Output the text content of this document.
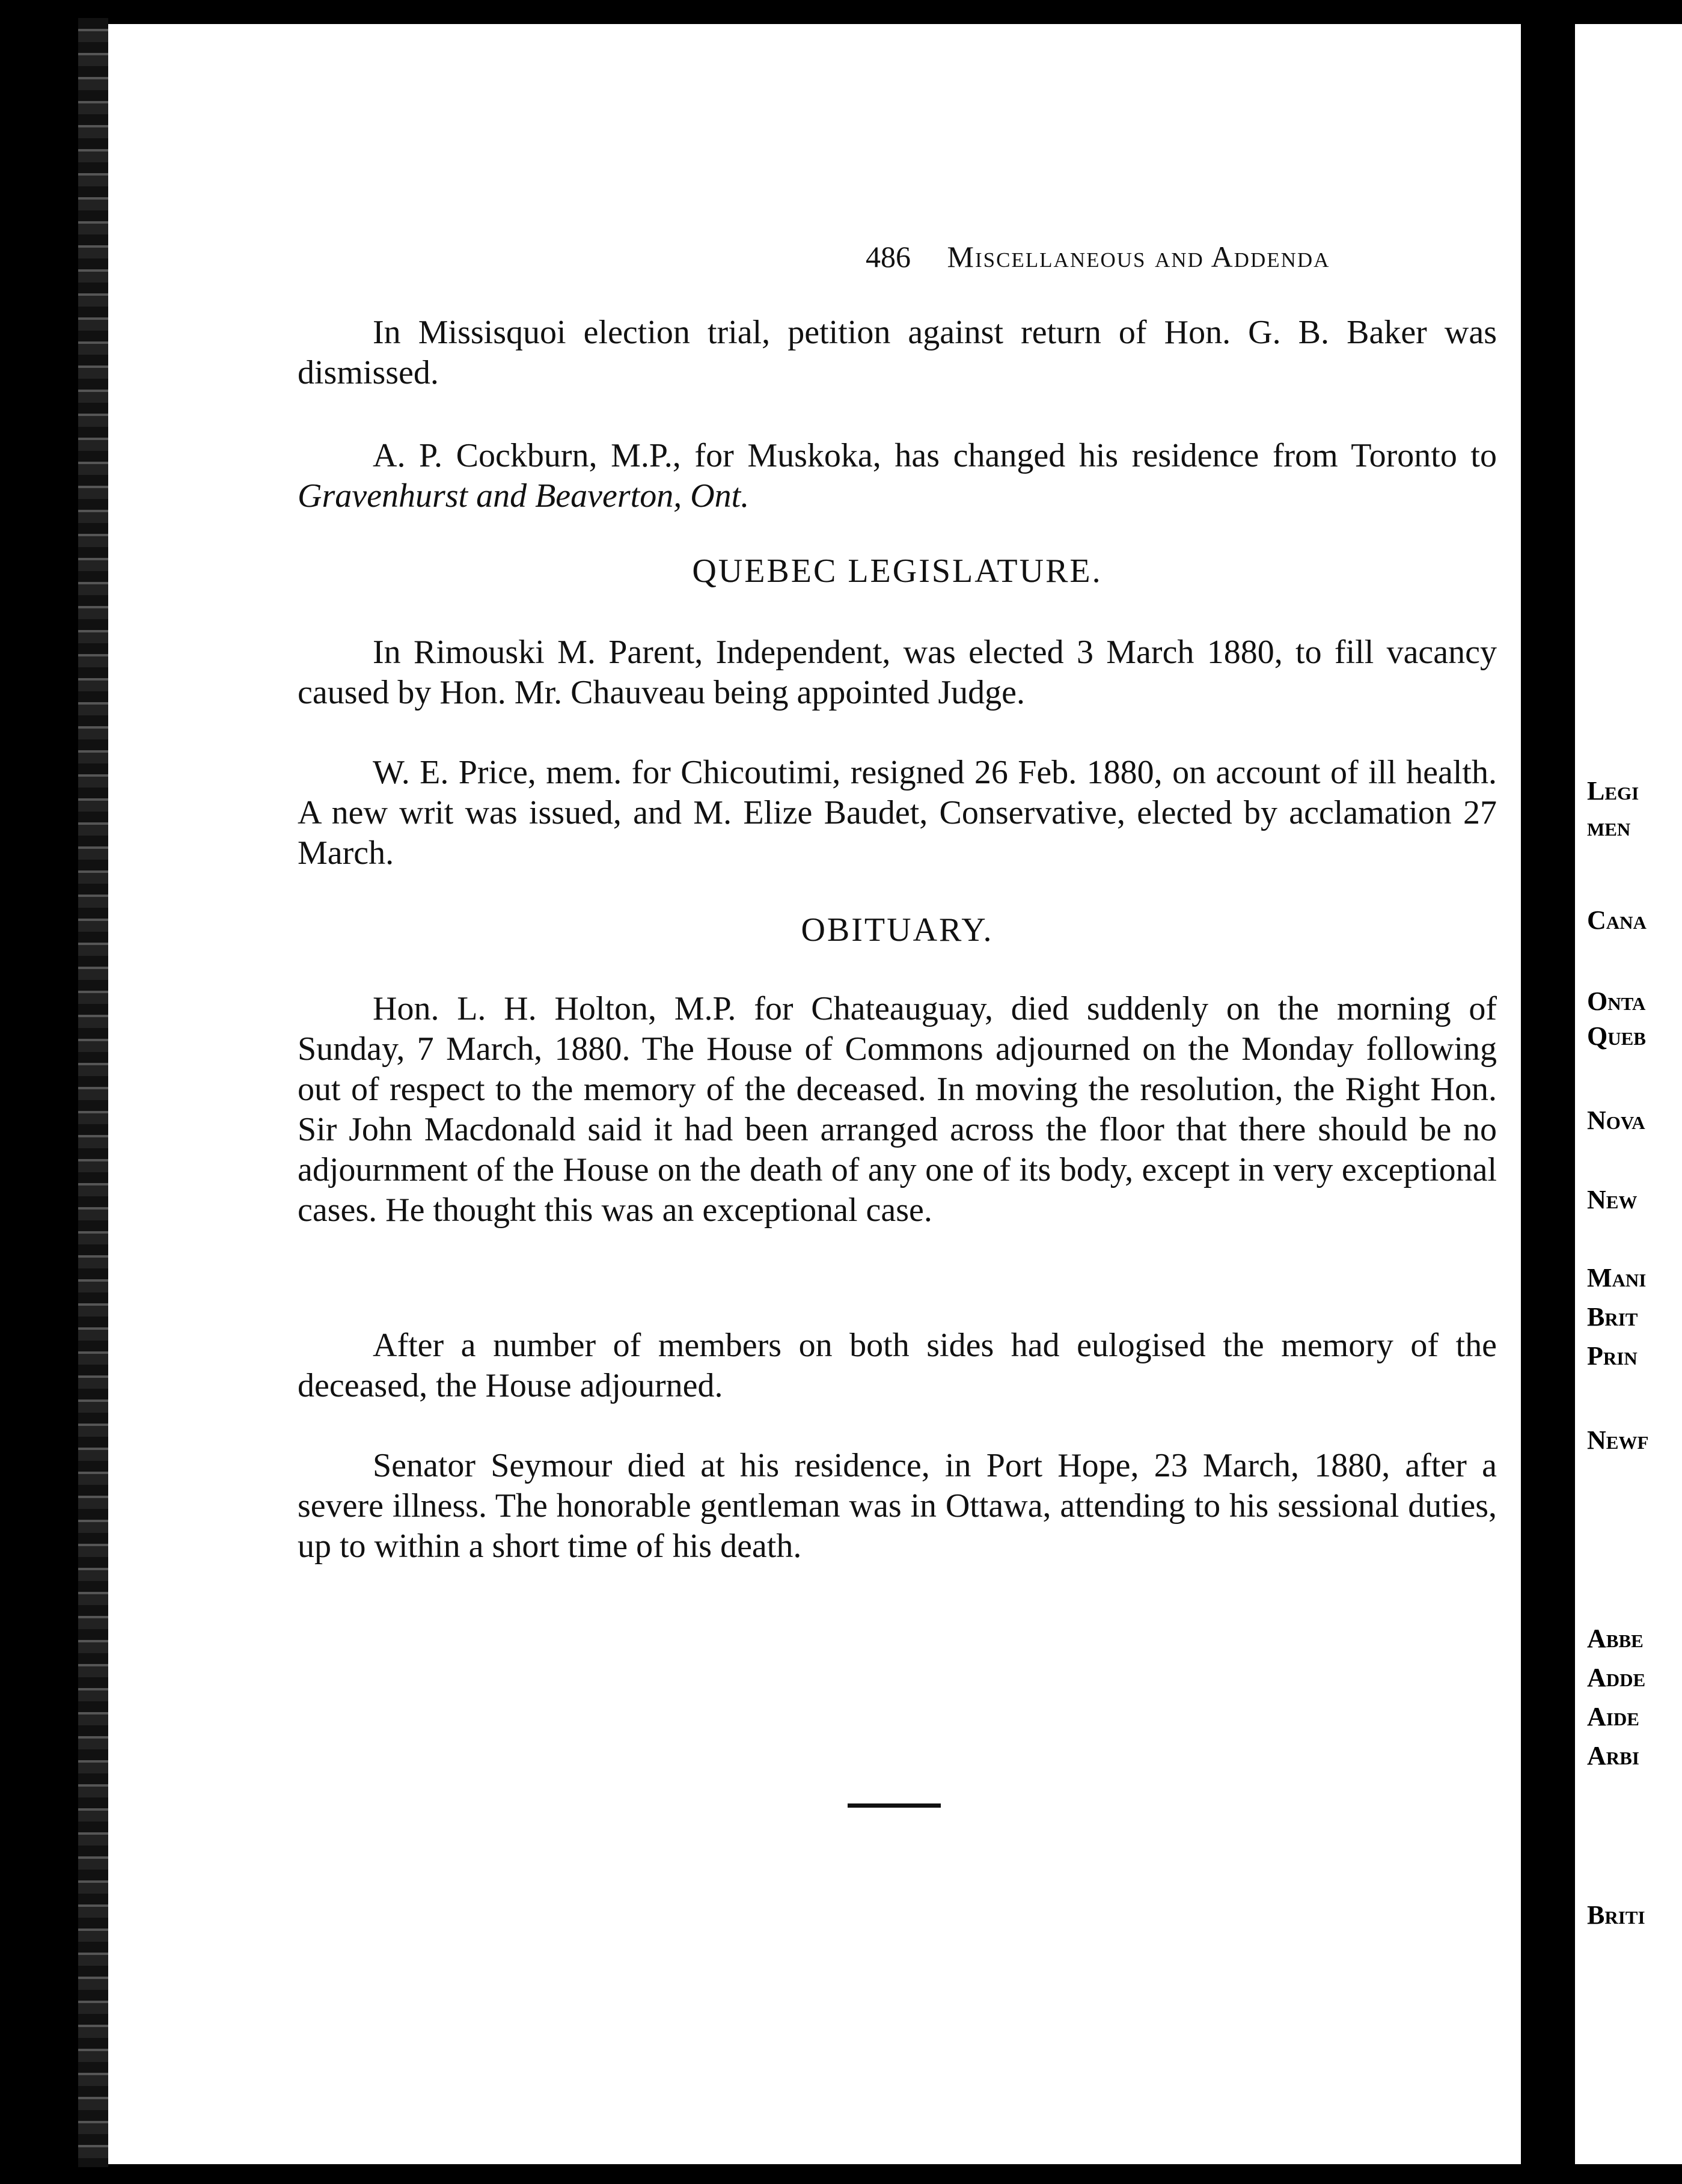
486 Miscellaneous and Addenda

In Missisquoi election trial, petition against return of Hon. G. B. Baker was dismissed.

A. P. Cockburn, M.P., for Muskoka, has changed his residence from Toronto to Gravenhurst and Beaverton, Ont.

QUEBEC LEGISLATURE.

In Rimouski M. Parent, Independent, was elected 3 March 1880, to fill vacancy caused by Hon. Mr. Chauveau being appointed Judge.

W. E. Price, mem. for Chicoutimi, resigned 26 Feb. 1880, on account of ill health. A new writ was issued, and M. Elize Baudet, Conservative, elected by acclamation 27 March.

OBITUARY.

Hon. L. H. Holton, M.P. for Chateauguay, died suddenly on the morning of Sunday, 7 March, 1880. The House of Commons adjourned on the Monday following out of respect to the memory of the deceased. In moving the resolution, the Right Hon. Sir John Macdonald said it had been arranged across the floor that there should be no adjournment of the House on the death of any one of its body, except in very exceptional cases. He thought this was an exceptional case.

After a number of members on both sides had eulogised the memory of the deceased, the House adjourned.

Senator Seymour died at his residence, in Port Hope, 23 March, 1880, after a severe illness. The honorable gentleman was in Ottawa, attending to his sessional duties, up to within a short time of his death.

Legi
men
Cana
Onta
Queb
Nova
New
Mani
Brit
Prin
Newf
Abbe
Adde
Aide
Arbi
Briti
